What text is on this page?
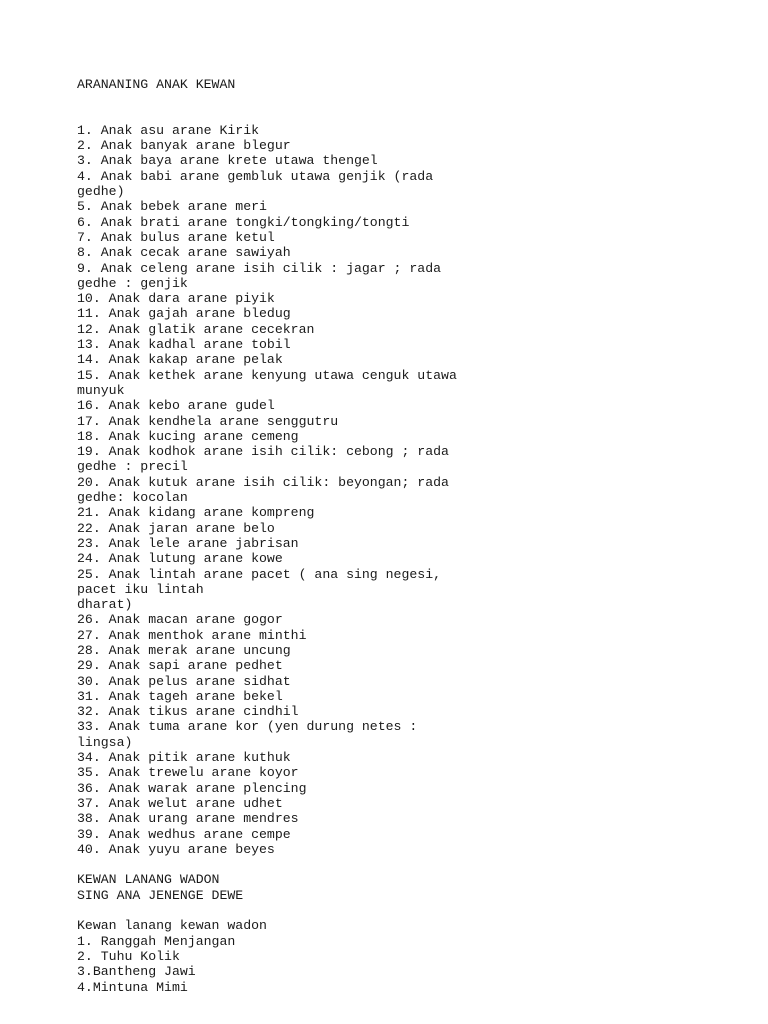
ARANANING ANAK KEWAN

1. Anak asu arane Kirik

2. Anak banyak arane blegur

3. Anak baya arane krete utawa thengel

4. Anak babi arane gembluk utawa genjik (rada

gedhe)

5. Anak bebek arane meri

6. Anak brati arane tongki/tongking/tongti

7. Anak bulus arane ketul

8. Anak cecak arane sawiyah

9. Anak celeng arane isih cilik : jagar ; rada

gedhe : genjik

10. Anak dara arane piyik

11. Anak gajah arane bledug

12. Anak glatik arane cecekran

13. Anak kadhal arane tobil

14. Anak kakap arane pelak

15. Anak kethek arane kenyung utawa cenguk utawa

munyuk

16. Anak kebo arane gudel

17. Anak kendhela arane senggutru

18. Anak kucing arane cemeng

19. Anak kodhok arane isih cilik: cebong ; rada

gedhe : precil

20. Anak kutuk arane isih cilik: beyongan; rada

gedhe: kocolan

21. Anak kidang arane kompreng

22. Anak jaran arane belo

23. Anak lele arane jabrisan

24. Anak lutung arane kowe

25. Anak lintah arane pacet ( ana sing negesi,

pacet iku lintah

dharat)

26. Anak macan arane gogor

27. Anak menthok arane minthi

28. Anak merak arane uncung

29. Anak sapi arane pedhet

30. Anak pelus arane sidhat

31. Anak tageh arane bekel

32. Anak tikus arane cindhil

33. Anak tuma arane kor (yen durung netes :

lingsa)

34. Anak pitik arane kuthuk

35. Anak trewelu arane koyor

36. Anak warak arane plencing

37. Anak welut arane udhet

38. Anak urang arane mendres

39. Anak wedhus arane cempe

40. Anak yuyu arane beyes

KEWAN LANANG WADON

SING ANA JENENGE DEWE

Kewan lanang kewan wadon

1. Ranggah Menjangan

2. Tuhu Kolik

3.Bantheng Jawi

4.Mintuna Mimi
